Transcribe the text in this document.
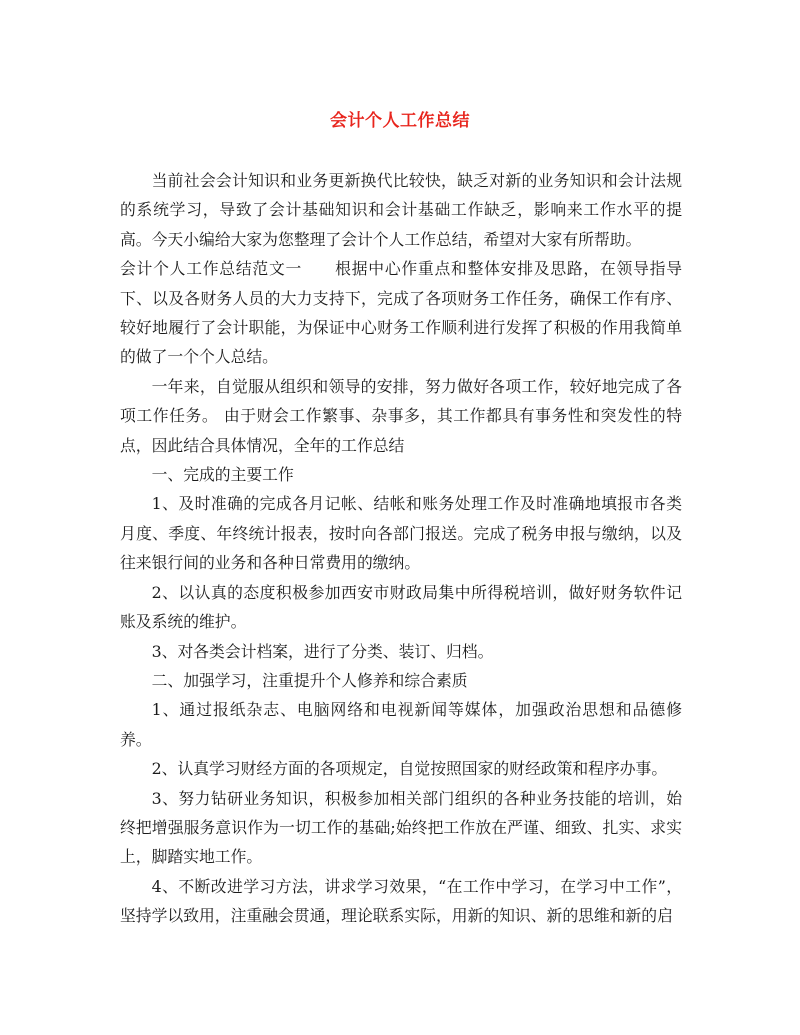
会计个人工作总结

当前社会会计知识和业务更新换代比较快，缺乏对新的业务知识和会计法规的系统学习，导致了会计基础知识和会计基础工作缺乏，影响来工作水平的提高。今天小编给大家为您整理了会计个人工作总结，希望对大家有所帮助。

会计个人工作总结范文一　　根据中心作重点和整体安排及思路，在领导指导下、以及各财务人员的大力支持下，完成了各项财务工作任务，确保工作有序、较好地履行了会计职能，为保证中心财务工作顺利进行发挥了积极的作用我简单的做了一个个人总结。

一年来，自觉服从组织和领导的安排，努力做好各项工作，较好地完成了各项工作任务。 由于财会工作繁事、杂事多，其工作都具有事务性和突发性的特点，因此结合具体情况，全年的工作总结

一、完成的主要工作

1、及时准确的完成各月记帐、结帐和账务处理工作及时准确地填报市各类月度、季度、年终统计报表，按时向各部门报送。完成了税务申报与缴纳，以及往来银行间的业务和各种日常费用的缴纳。

2、以认真的态度积极参加西安市财政局集中所得税培训，做好财务软件记账及系统的维护。

3、对各类会计档案，进行了分类、装订、归档。

二、加强学习，注重提升个人修养和综合素质

1、通过报纸杂志、电脑网络和电视新闻等媒体，加强政治思想和品德修养。

2、认真学习财经方面的各项规定，自觉按照国家的财经政策和程序办事。

3、努力钻研业务知识，积极参加相关部门组织的各种业务技能的培训，始终把增强服务意识作为一切工作的基础;始终把工作放在严谨、细致、扎实、求实上，脚踏实地工作。

4、不断改进学习方法，讲求学习效果，“在工作中学习，在学习中工作”，坚持学以致用，注重融会贯通，理论联系实际，用新的知识、新的思维和新的启
